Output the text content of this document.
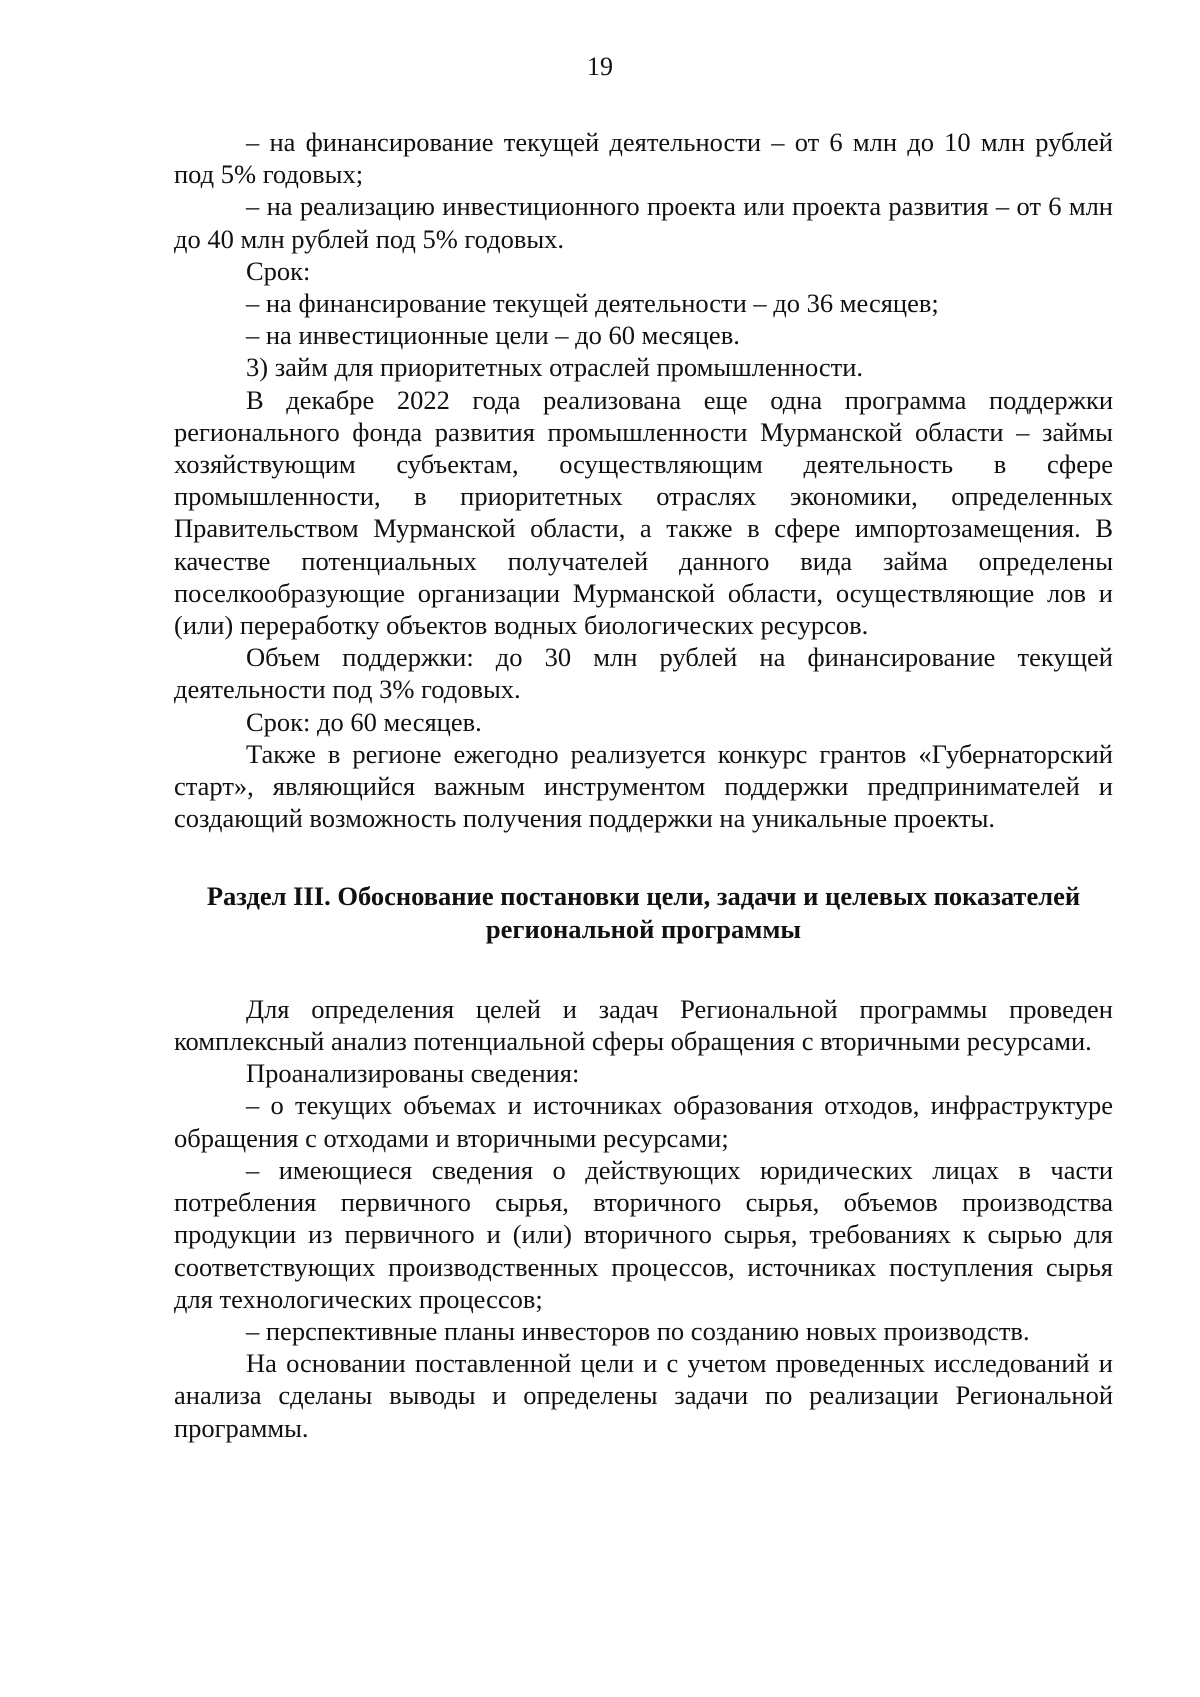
19

– на финансирование текущей деятельности – от 6 млн до 10 млн рублей под 5% годовых;

– на реализацию инвестиционного проекта или проекта развития – от 6 млн до 40 млн рублей под 5% годовых.

Срок:

– на финансирование текущей деятельности – до 36 месяцев;

– на инвестиционные цели – до 60 месяцев.

3) займ для приоритетных отраслей промышленности.

В декабре 2022 года реализована еще одна программа поддержки регионального фонда развития промышленности Мурманской области – займы хозяйствующим субъектам, осуществляющим деятельность в сфере промышленности, в приоритетных отраслях экономики, определенных Правительством Мурманской области, а также в сфере импортозамещения. В качестве потенциальных получателей данного вида займа определены поселкообразующие организации Мурманской области, осуществляющие лов и (или) переработку объектов водных биологических ресурсов.

Объем поддержки: до 30 млн рублей на финансирование текущей деятельности под 3% годовых.

Срок: до 60 месяцев.

Также в регионе ежегодно реализуется конкурс грантов «Губернаторский старт», являющийся важным инструментом поддержки предпринимателей и создающий возможность получения поддержки на уникальные проекты.

Раздел III. Обоснование постановки цели, задачи и целевых показателей
региональной программы

Для определения целей и задач Региональной программы проведен комплексный анализ потенциальной сферы обращения с вторичными ресурсами.

Проанализированы сведения:

– о текущих объемах и источниках образования отходов, инфраструктуре обращения с отходами и вторичными ресурсами;

– имеющиеся сведения о действующих юридических лицах в части потребления первичного сырья, вторичного сырья, объемов производства продукции из первичного и (или) вторичного сырья, требованиях к сырью для соответствующих производственных процессов, источниках поступления сырья для технологических процессов;

– перспективные планы инвесторов по созданию новых производств.

На основании поставленной цели и с учетом проведенных исследований и анализа сделаны выводы и определены задачи по реализации Региональной программы.
